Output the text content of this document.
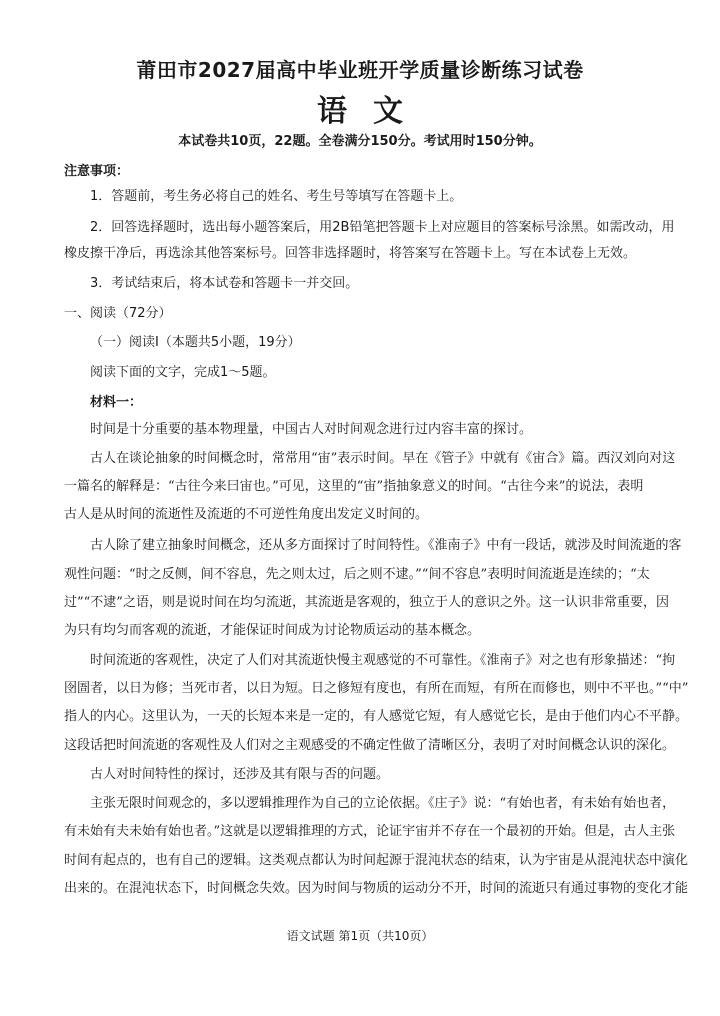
莆田市2027届高中毕业班开学质量诊断练习试卷
语文
本试卷共10页，22题。全卷满分150分。考试用时150分钟。
注意事项：
1．答题前，考生务必将自己的姓名、考生号等填写在答题卡上。
2．回答选择题时，选出每小题答案后，用2B铅笔把答题卡上对应题目的答案标号涂黑。如需改动，用
橡皮擦干净后，再选涂其他答案标号。回答非选择题时，将答案写在答题卡上。写在本试卷上无效。
3．考试结束后，将本试卷和答题卡一并交回。
一、阅读（72分）
（一）阅读Ⅰ（本题共5小题，19分）
阅读下面的文字，完成1～5题。
材料一：
时间是十分重要的基本物理量，中国古人对时间观念进行过内容丰富的探讨。
古人在谈论抽象的时间概念时，常常用“宙”表示时间。早在《管子》中就有《宙合》篇。西汉刘向对这
一篇名的解释是：“古往今来曰宙也。”可见，这里的“宙”指抽象意义的时间。“古往今来”的说法，表明
古人是从时间的流逝性及流逝的不可逆性角度出发定义时间的。
古人除了建立抽象时间概念，还从多方面探讨了时间特性。《淮南子》中有一段话，就涉及时间流逝的客
观性问题：“时之反侧，间不容息，先之则太过，后之则不逮。”“间不容息”表明时间流逝是连续的；“太
过”“不逮”之语，则是说时间在均匀流逝，其流逝是客观的，独立于人的意识之外。这一认识非常重要，因
为只有均匀而客观的流逝，才能保证时间成为讨论物质运动的基本概念。
时间流逝的客观性，决定了人们对其流逝快慢主观感觉的不可靠性。《淮南子》对之也有形象描述：“拘
囹圄者，以日为修；当死市者，以日为短。日之修短有度也，有所在而短，有所在而修也，则中不平也。”“中”
指人的内心。这里认为，一天的长短本来是一定的，有人感觉它短，有人感觉它长，是由于他们内心不平静。
这段话把时间流逝的客观性及人们对之主观感受的不确定性做了清晰区分，表明了对时间概念认识的深化。
古人对时间特性的探讨，还涉及其有限与否的问题。
主张无限时间观念的，多以逻辑推理作为自己的立论依据。《庄子》说：“有始也者，有未始有始也者，
有未始有夫未始有始也者。”这就是以逻辑推理的方式，论证宇宙并不存在一个最初的开始。但是，古人主张
时间有起点的，也有自己的逻辑。这类观点都认为时间起源于混沌状态的结束，认为宇宙是从混沌状态中演化
出来的。在混沌状态下，时间概念失效。因为时间与物质的运动分不开，时间的流逝只有通过事物的变化才能
语文试题 第1页（共10页）
